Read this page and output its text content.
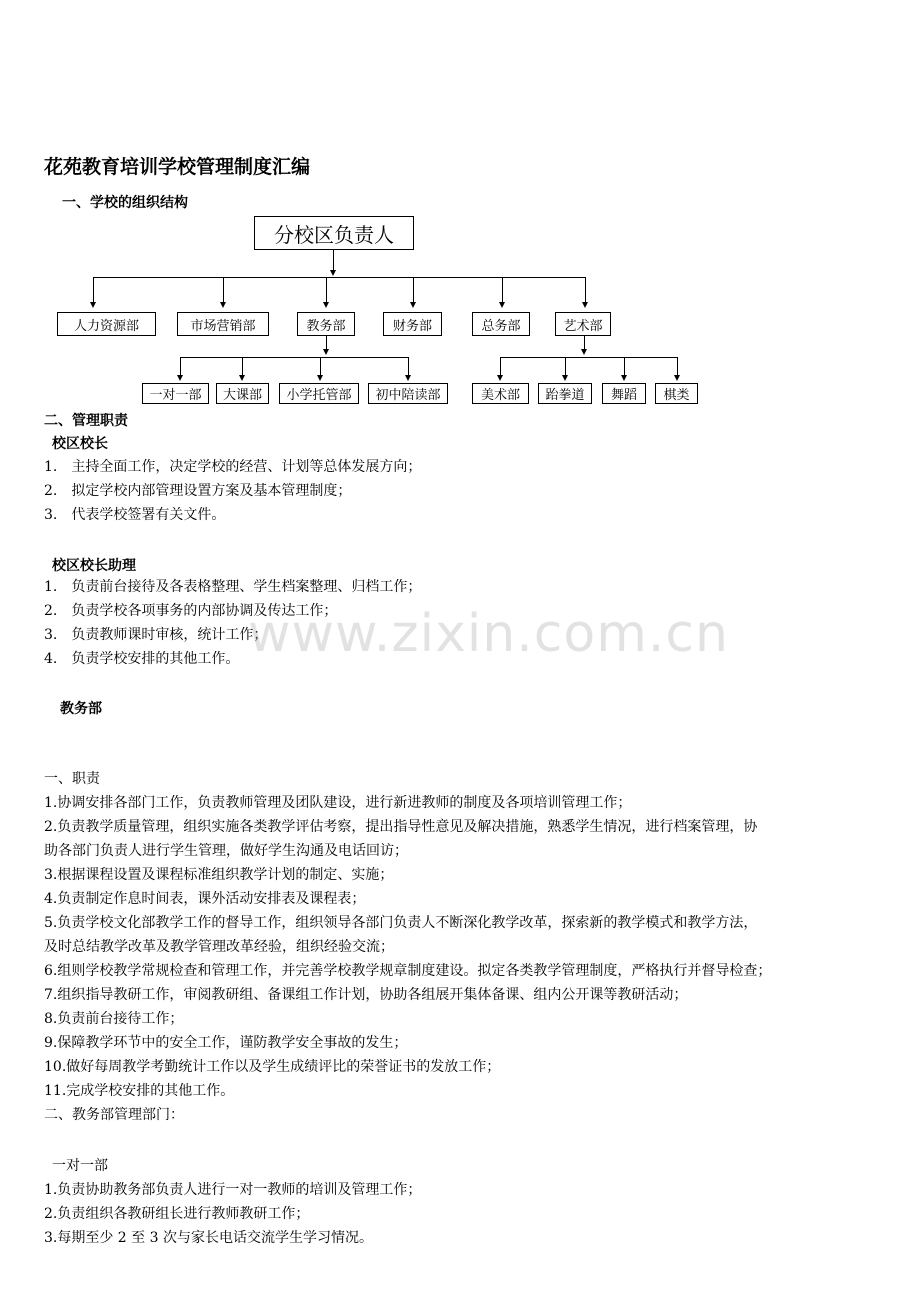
花苑教育培训学校管理制度汇编
一、学校的组织结构
分校区负责人
人力资源部	市场营销部	教务部	财务部	总务部	艺术部
一对一部	大课部	小学托管部	初中陪读部	美术部	跆拳道	舞蹈	棋类
二、管理职责
校区校长
1.　主持全面工作，决定学校的经营、计划等总体发展方向；
2.　拟定学校内部管理设置方案及基本管理制度；
3.　代表学校签署有关文件。
校区校长助理
1.　负责前台接待及各表格整理、学生档案整理、归档工作；
2.　负责学校各项事务的内部协调及传达工作；
3.　负责教师课时审核，统计工作；
4.　负责学校安排的其他工作。 www.zixin.com.cn
教务部
一、职责
1.协调安排各部门工作，负责教师管理及团队建设，进行新进教师的制度及各项培训管理工作；
2.负责教学质量管理，组织实施各类教学评估考察，提出指导性意见及解决措施，熟悉学生情况，进行档案管理，协
助各部门负责人进行学生管理，做好学生沟通及电话回访；
3.根据课程设置及课程标准组织教学计划的制定、实施；
4.负责制定作息时间表，课外活动安排表及课程表；
5.负责学校文化部教学工作的督导工作，组织领导各部门负责人不断深化教学改革，探索新的教学模式和教学方法，
及时总结教学改革及教学管理改革经验，组织经验交流；
6.组则学校教学常规检查和管理工作，并完善学校教学规章制度建设。拟定各类教学管理制度，严格执行并督导检查；
7.组织指导教研工作，审阅教研组、备课组工作计划，协助各组展开集体备课、组内公开课等教研活动；
8.负责前台接待工作；
9.保障教学环节中的安全工作，谨防教学安全事故的发生；
10.做好每周教学考勤统计工作以及学生成绩评比的荣誉证书的发放工作；
11.完成学校安排的其他工作。
二、教务部管理部门：
一对一部
1.负责协助教务部负责人进行一对一教师的培训及管理工作；
2.负责组织各教研组长进行教师教研工作；
3.每期至少 2 至 3 次与家长电话交流学生学习情况。
